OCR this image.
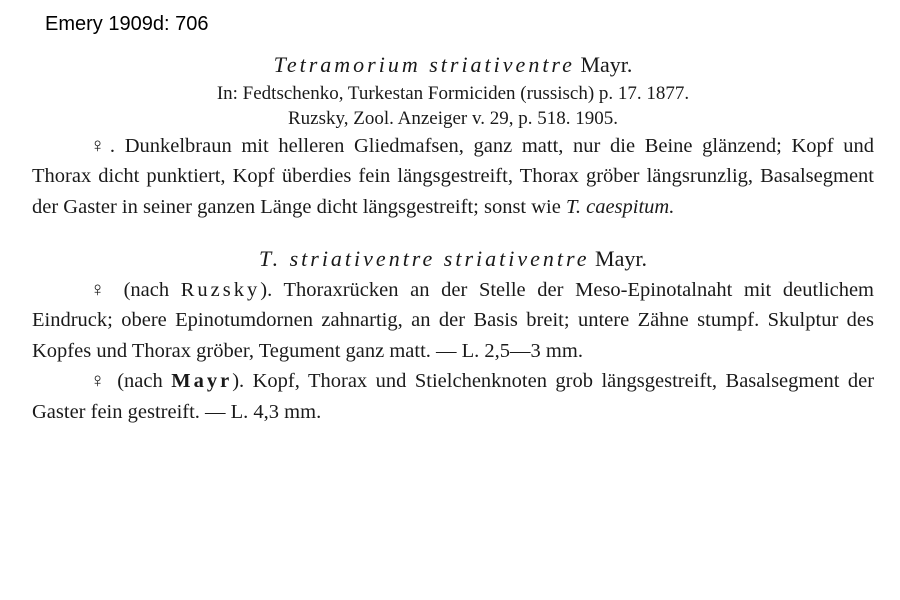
Emery 1909d: 706
Tetramorium striativentre Mayr.
In: Fedtschenko, Turkestan Formiciden (russisch) p. 17. 1877.
Ruzsky, Zool. Anzeiger v. 29, p. 518. 1905.
♀. Dunkelbraun mit helleren Gliedmafsen, ganz matt, nur die Beine glänzend; Kopf und Thorax dicht punktiert, Kopf überdies fein längsgestreift, Thorax gröber längsrunzlig, Basalsegment der Gaster in seiner ganzen Länge dicht längsgestreift; sonst wie T. caespitum.
T. striativentre striativentre Mayr.
♀ (nach Ruzsky). Thoraxrücken an der Stelle der Meso-Epinotalnaht mit deutlichem Eindruck; obere Epinotumdornen zahnartig, an der Basis breit; untere Zähne stumpf. Skulptur des Kopfes und Thorax gröber, Tegument ganz matt. — L. 2,5—3 mm.
♀ (nach Mayr). Kopf, Thorax und Stielchenknoten grob längsgestreift, Basalsegment der Gaster fein gestreift. — L. 4,3 mm.
